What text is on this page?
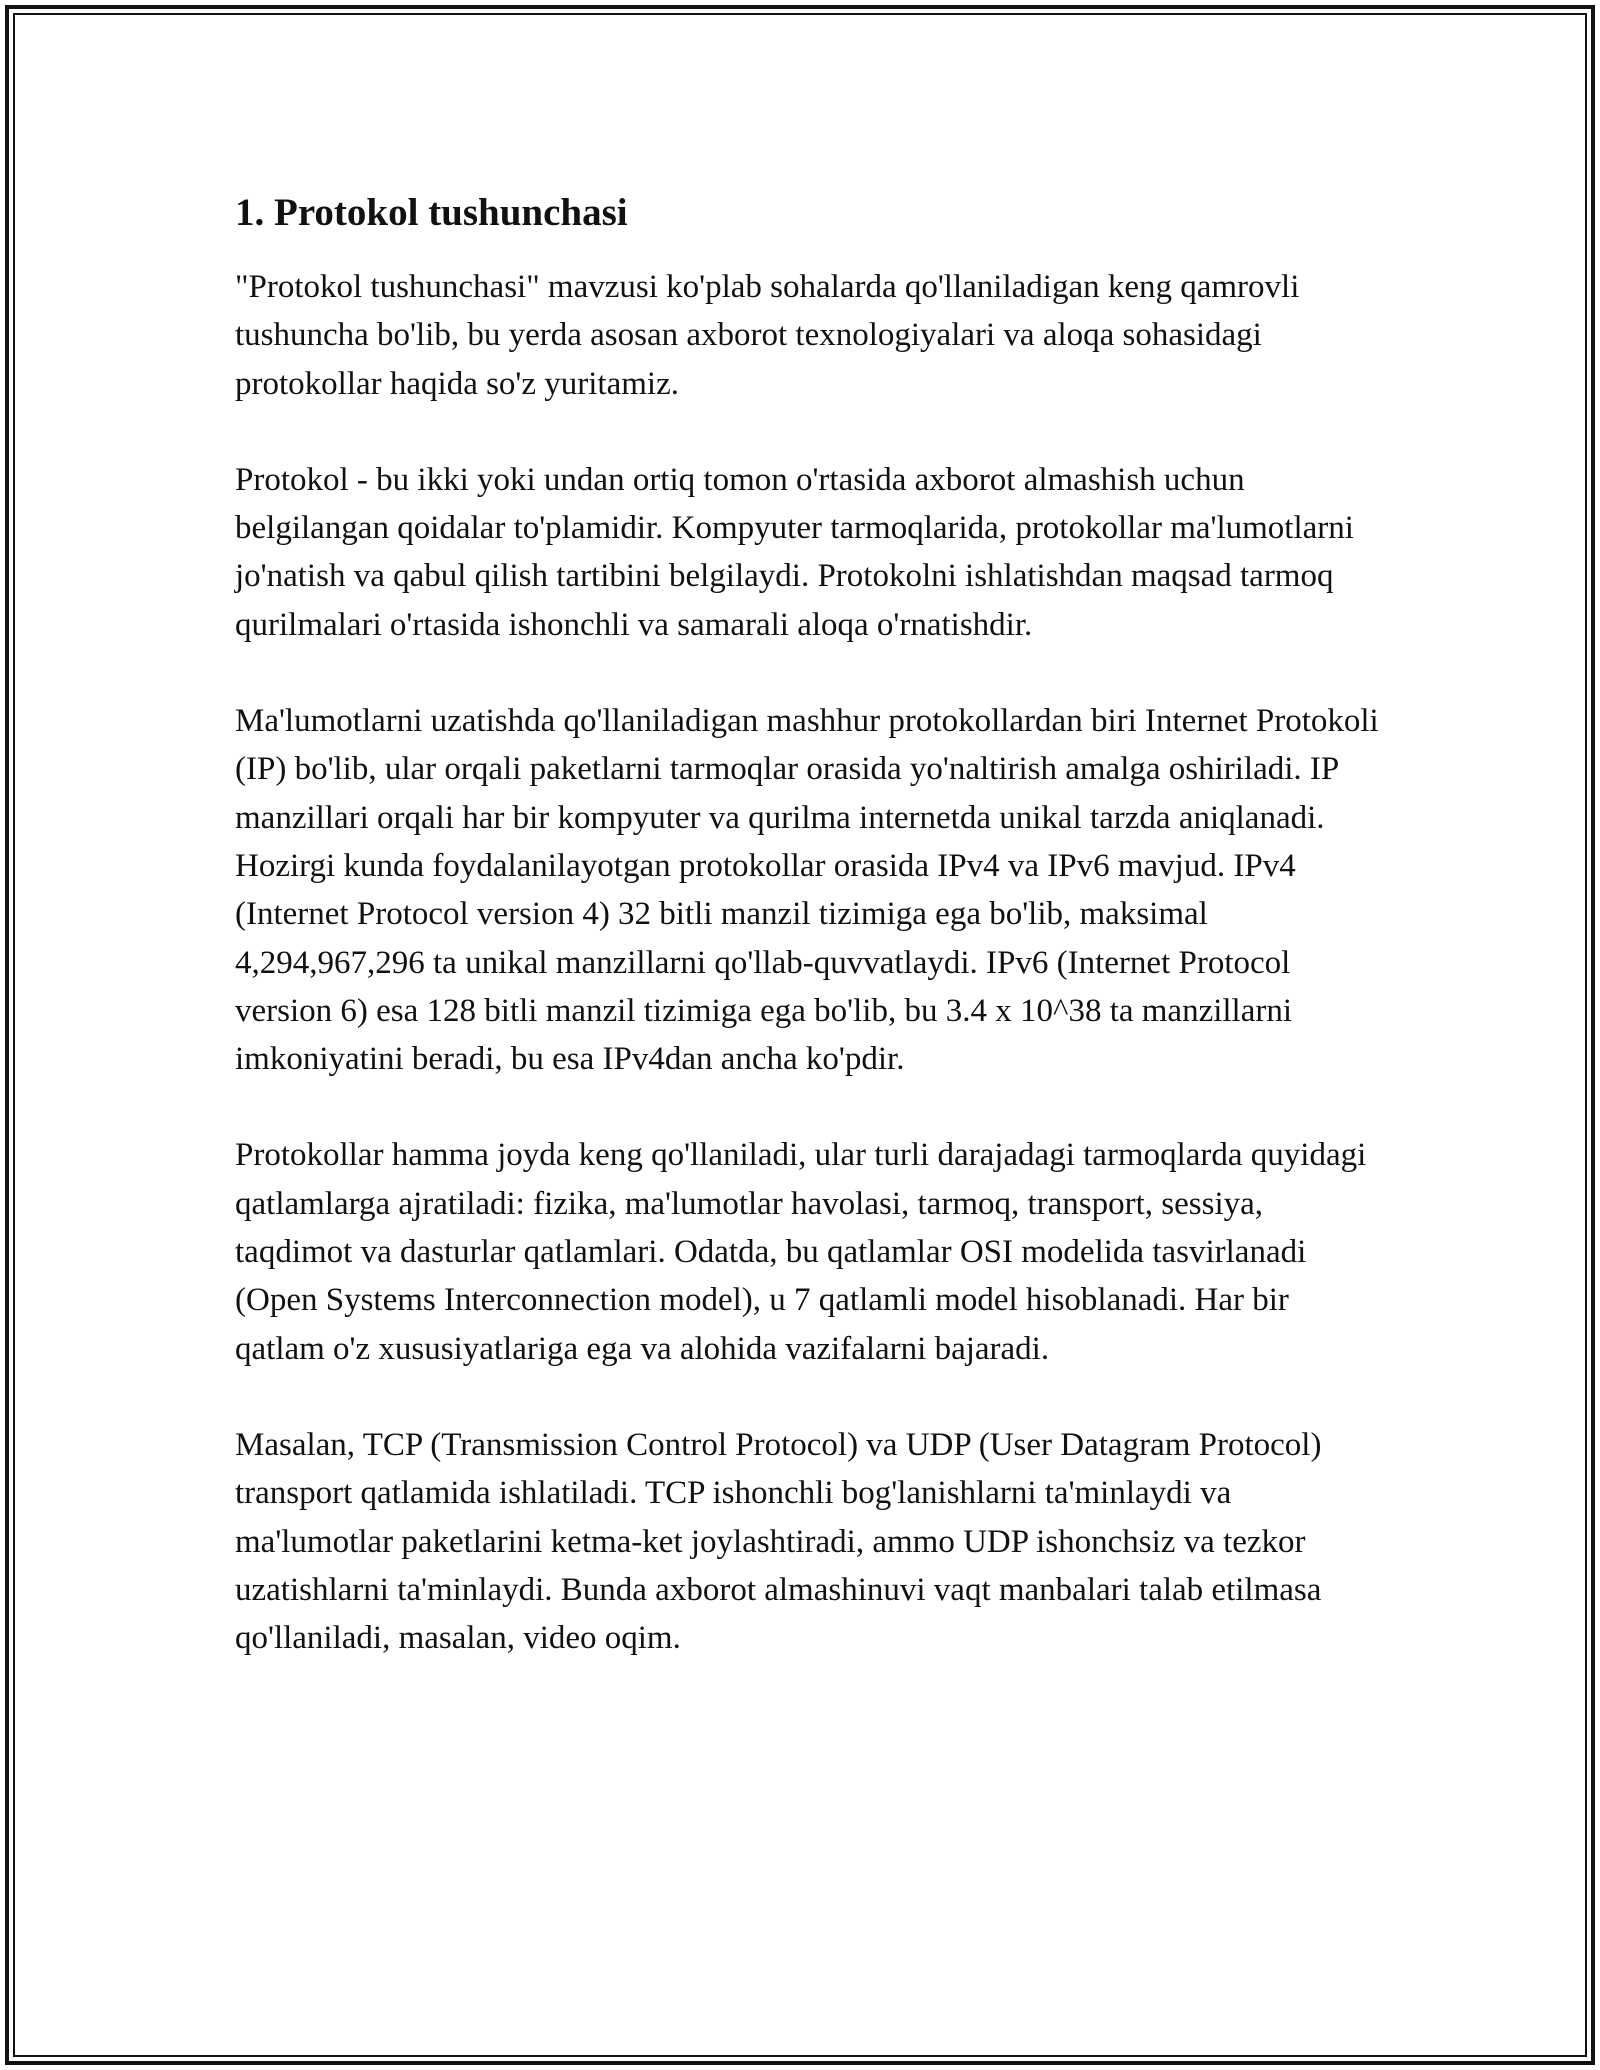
1. Protokol tushunchasi

"Protokol tushunchasi" mavzusi ko'plab sohalarda qo'llaniladigan keng qamrovli tushuncha bo'lib, bu yerda asosan axborot texnologiyalari va aloqa sohasidagi protokollar haqida so'z yuritamiz.

Protokol - bu ikki yoki undan ortiq tomon o'rtasida axborot almashish uchun belgilangan qoidalar to'plamidir. Kompyuter tarmoqlarida, protokollar ma'lumotlarni jo'natish va qabul qilish tartibini belgilaydi. Protokolni ishlatishdan maqsad tarmoq qurilmalari o'rtasida ishonchli va samarali aloqa o'rnatishdir.

Ma'lumotlarni uzatishda qo'llaniladigan mashhur protokollardan biri Internet Protokoli (IP) bo'lib, ular orqali paketlarni tarmoqlar orasida yo'naltirish amalga oshiriladi. IP manzillari orqali har bir kompyuter va qurilma internetda unikal tarzda aniqlanadi. Hozirgi kunda foydalanilayotgan protokollar orasida IPv4 va IPv6 mavjud. IPv4 (Internet Protocol version 4) 32 bitli manzil tizimiga ega bo'lib, maksimal 4,294,967,296 ta unikal manzillarni qo'llab-quvvatlaydi. IPv6 (Internet Protocol version 6) esa 128 bitli manzil tizimiga ega bo'lib, bu 3.4 x 10^38 ta manzillarni imkoniyatini beradi, bu esa IPv4dan ancha ko'pdir.

Protokollar hamma joyda keng qo'llaniladi, ular turli darajadagi tarmoqlarda quyidagi qatlamlarga ajratiladi: fizika, ma'lumotlar havolasi, tarmoq, transport, sessiya, taqdimot va dasturlar qatlamlari. Odatda, bu qatlamlar OSI modelida tasvirlanadi (Open Systems Interconnection model), u 7 qatlamli model hisoblanadi. Har bir qatlam o'z xususiyatlariga ega va alohida vazifalarni bajaradi.

Masalan, TCP (Transmission Control Protocol) va UDP (User Datagram Protocol) transport qatlamida ishlatiladi. TCP ishonchli bog'lanishlarni ta'minlaydi va ma'lumotlar paketlarini ketma-ket joylashtiradi, ammo UDP ishonchsiz va tezkor uzatishlarni ta'minlaydi. Bunda axborot almashinuvi vaqt manbalari talab etilmasa qo'llaniladi, masalan, video oqim.
